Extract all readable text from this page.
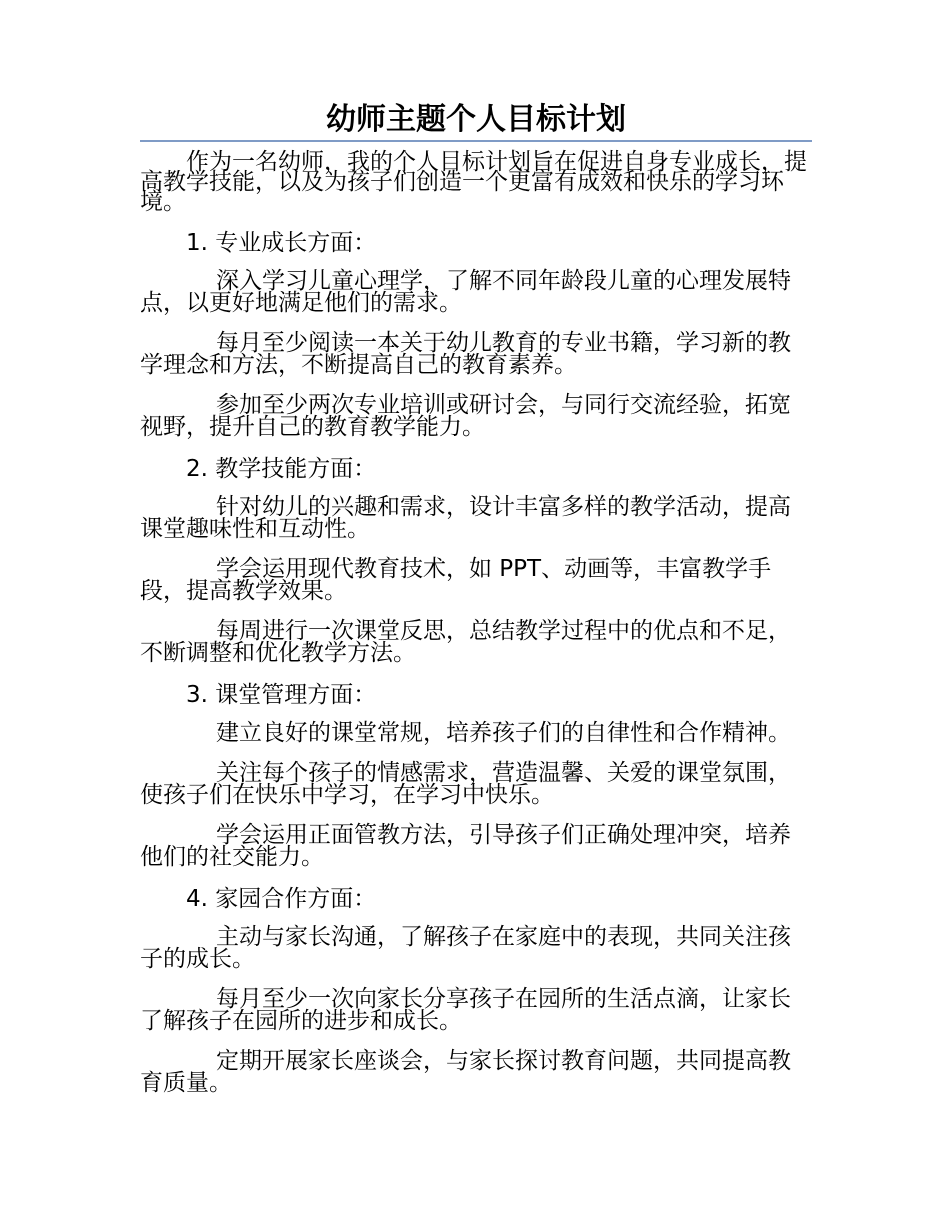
幼师主题个人目标计划

作为一名幼师，我的个人目标计划旨在促进自身专业成长，提高教学技能，以及为孩子们创造一个更富有成效和快乐的学习环境。

1. 专业成长方面：

深入学习儿童心理学，了解不同年龄段儿童的心理发展特点，以更好地满足他们的需求。

每月至少阅读一本关于幼儿教育的专业书籍，学习新的教学理念和方法，不断提高自己的教育素养。

参加至少两次专业培训或研讨会，与同行交流经验，拓宽视野，提升自己的教育教学能力。

2. 教学技能方面：

针对幼儿的兴趣和需求，设计丰富多样的教学活动，提高课堂趣味性和互动性。

学会运用现代教育技术，如 PPT、动画等，丰富教学手段，提高教学效果。

每周进行一次课堂反思，总结教学过程中的优点和不足，不断调整和优化教学方法。

3. 课堂管理方面：

建立良好的课堂常规，培养孩子们的自律性和合作精神。

关注每个孩子的情感需求，营造温馨、关爱的课堂氛围，使孩子们在快乐中学习，在学习中快乐。

学会运用正面管教方法，引导孩子们正确处理冲突，培养他们的社交能力。

4. 家园合作方面：

主动与家长沟通，了解孩子在家庭中的表现，共同关注孩子的成长。

每月至少一次向家长分享孩子在园所的生活点滴，让家长了解孩子在园所的进步和成长。

定期开展家长座谈会，与家长探讨教育问题，共同提高教育质量。
